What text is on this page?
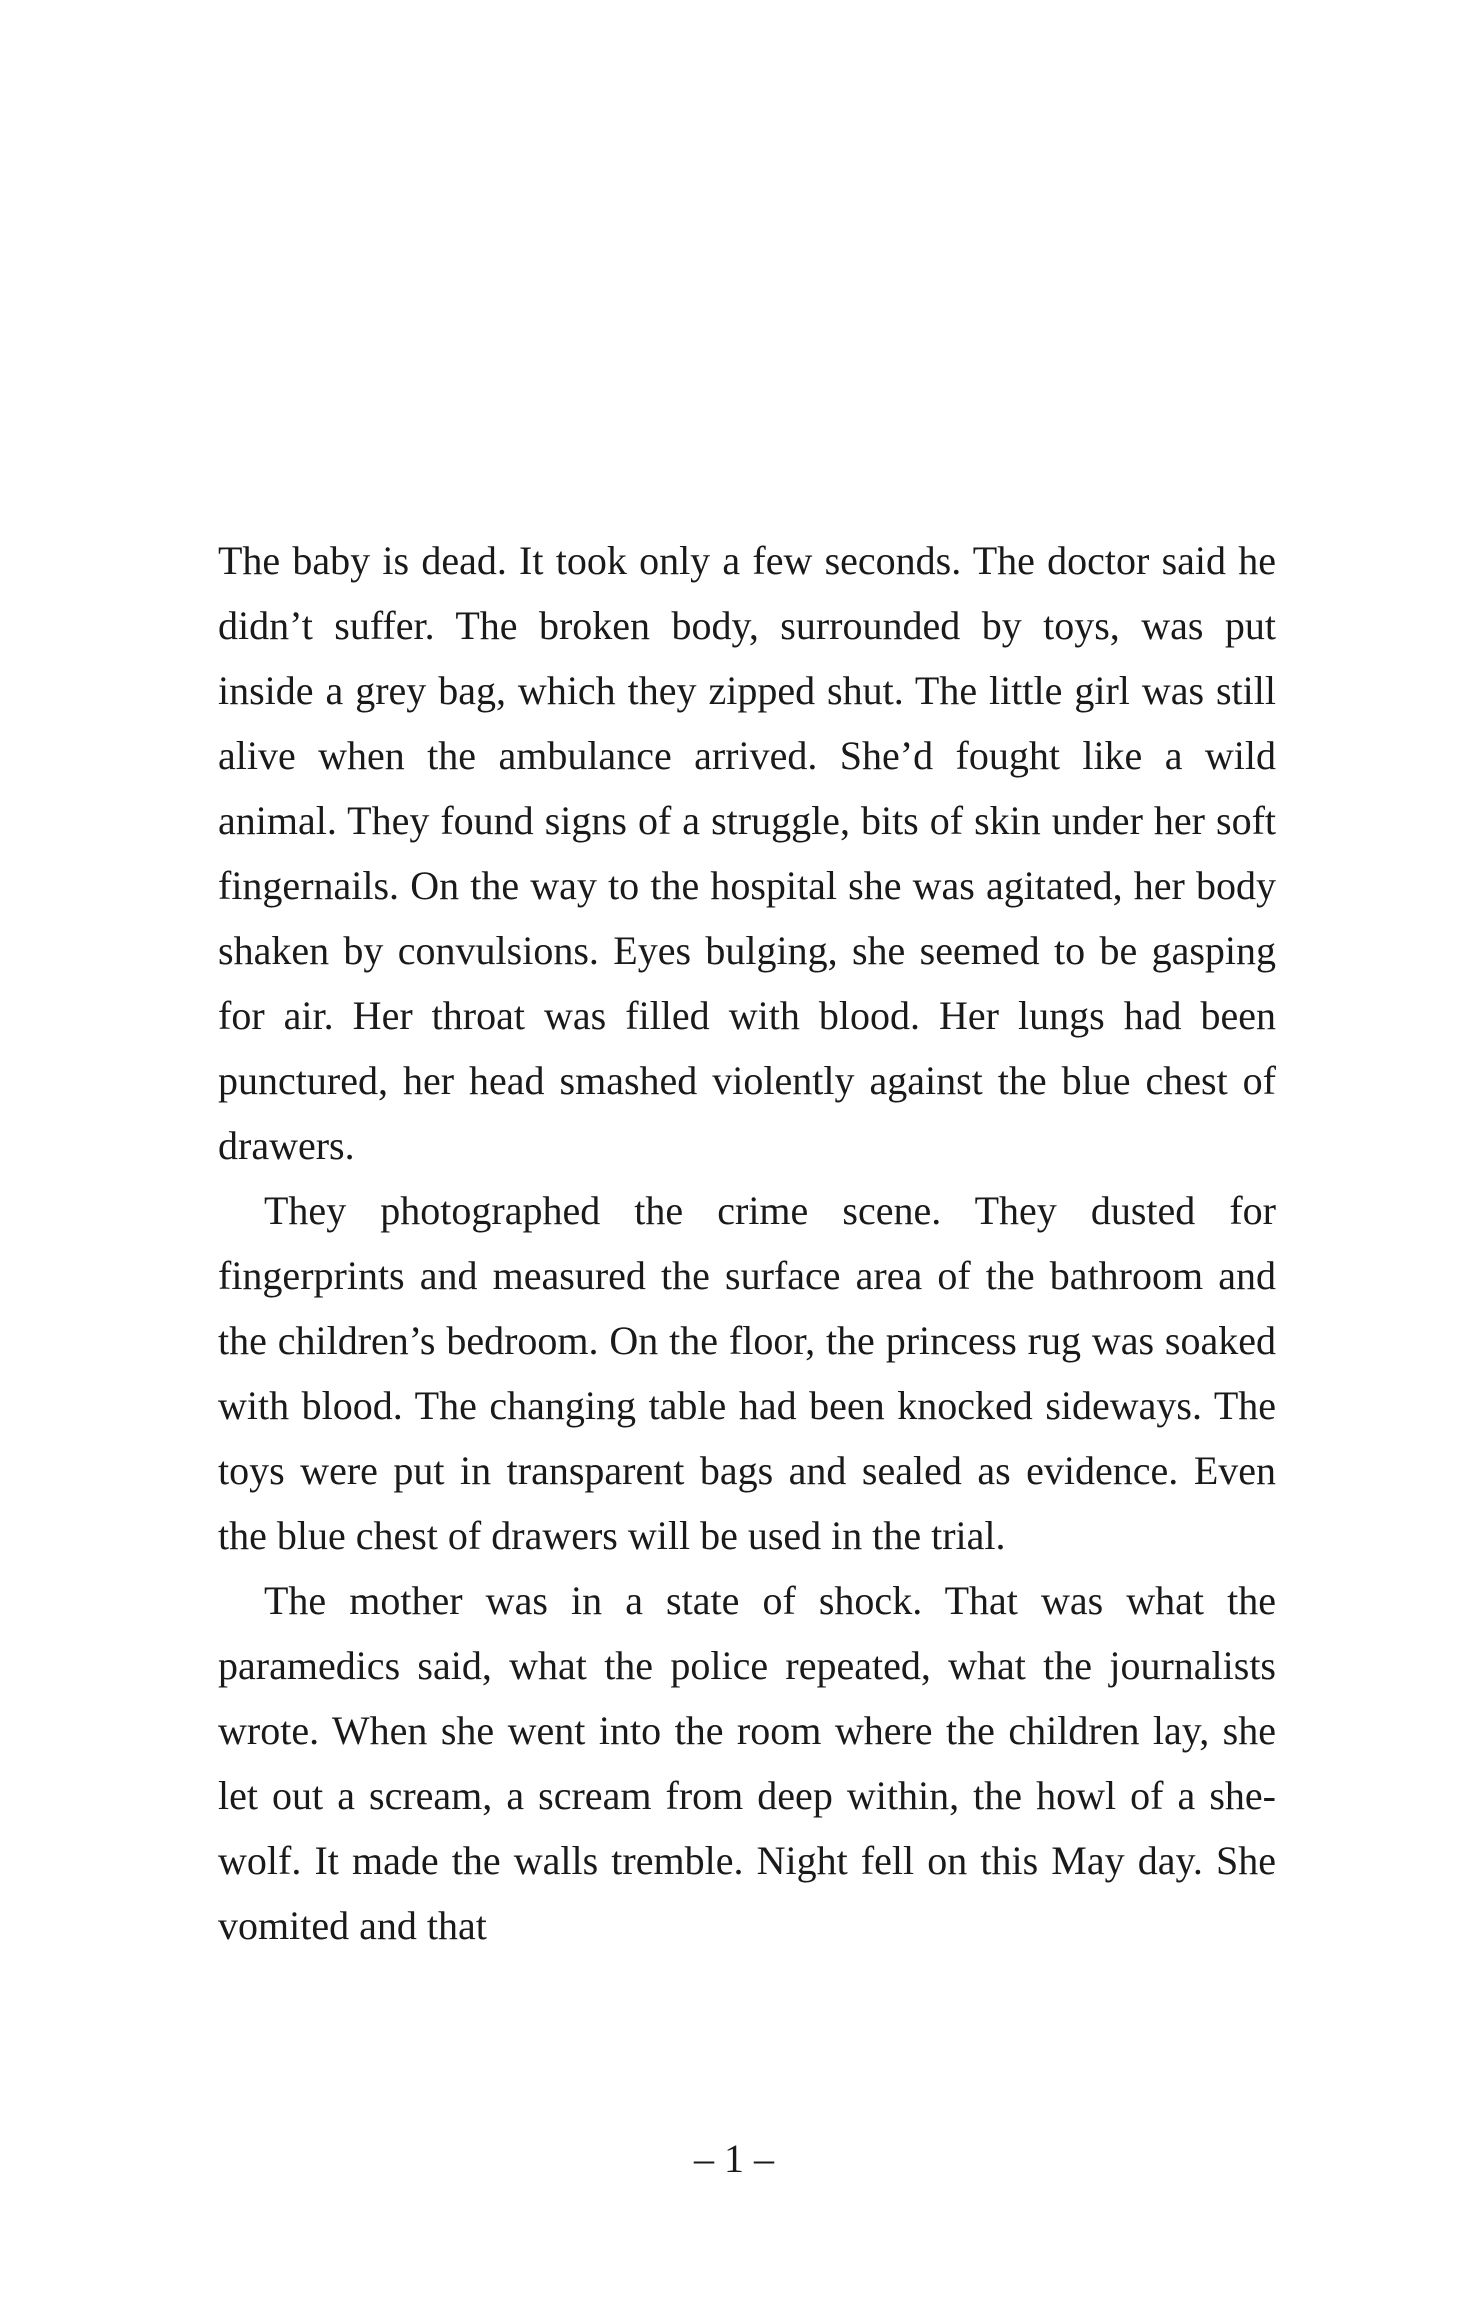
The baby is dead. It took only a few seconds. The doctor said he didn’t suffer. The broken body, surrounded by toys, was put inside a grey bag, which they zipped shut. The little girl was still alive when the ambulance arrived. She’d fought like a wild animal. They found signs of a struggle, bits of skin under her soft fingernails. On the way to the hospital she was agitated, her body shaken by convulsions. Eyes bulging, she seemed to be gasping for air. Her throat was filled with blood. Her lungs had been punctured, her head smashed violently against the blue chest of drawers.

They photographed the crime scene. They dusted for fingerprints and measured the surface area of the bathroom and the children’s bedroom. On the floor, the princess rug was soaked with blood. The changing table had been knocked sideways. The toys were put in transparent bags and sealed as evidence. Even the blue chest of drawers will be used in the trial.

The mother was in a state of shock. That was what the paramedics said, what the police repeated, what the journalists wrote. When she went into the room where the children lay, she let out a scream, a scream from deep within, the howl of a she-wolf. It made the walls tremble. Night fell on this May day. She vomited and that

– 1 –
